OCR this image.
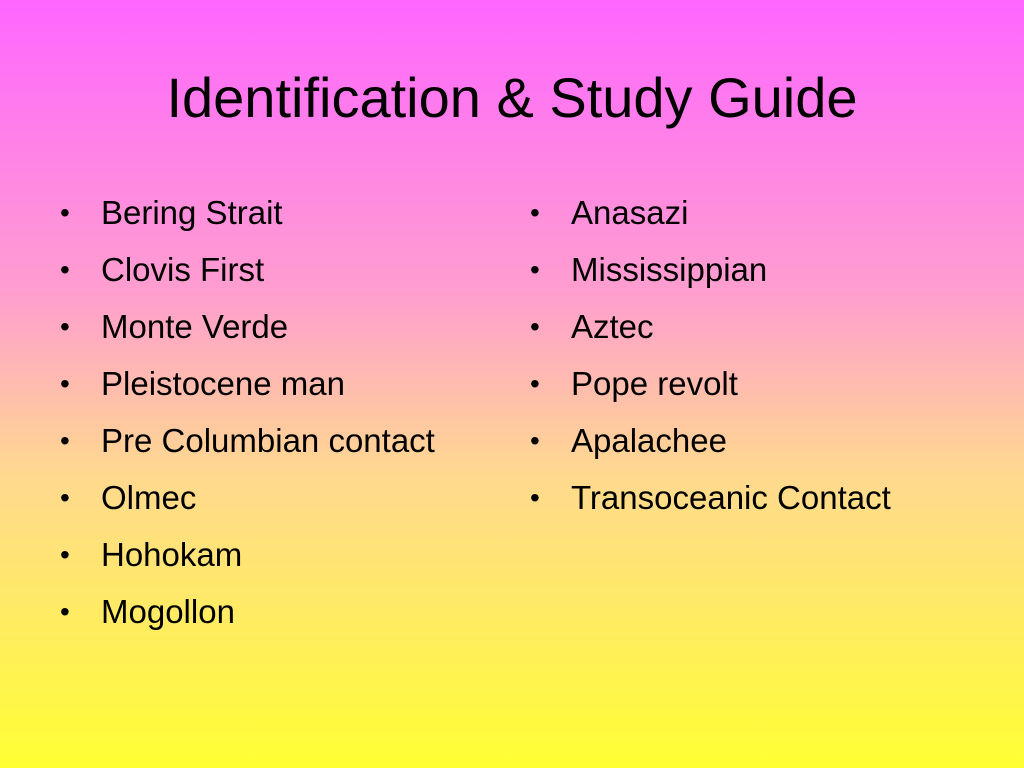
Identification & Study Guide
• Bering Strait
• Clovis First
• Monte Verde
• Pleistocene man
• Pre Columbian contact
• Olmec
• Hohokam
• Mogollon
• Anasazi
• Mississippian
• Aztec
• Pope revolt
• Apalachee
• Transoceanic Contact
